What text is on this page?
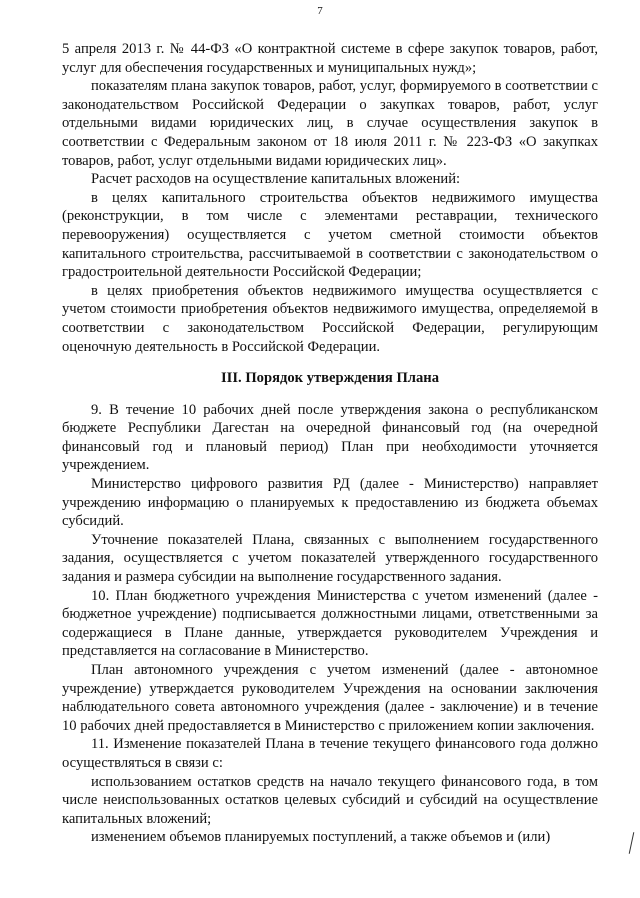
7

5 апреля 2013 г. № 44-ФЗ «О контрактной системе в сфере закупок товаров, работ, услуг для обеспечения государственных и муниципальных нужд»;

показателям плана закупок товаров, работ, услуг, формируемого в соответствии с законодательством Российской Федерации о закупках товаров, работ, услуг отдельными видами юридических лиц, в случае осуществления закупок в соответствии с Федеральным законом от 18 июля 2011 г. № 223-ФЗ «О закупках товаров, работ, услуг отдельными видами юридических лиц».

Расчет расходов на осуществление капитальных вложений:

в целях капитального строительства объектов недвижимого имущества (реконструкции, в том числе с элементами реставрации, технического перевооружения) осуществляется с учетом сметной стоимости объектов капитального строительства, рассчитываемой в соответствии с законодательством о градостроительной деятельности Российской Федерации;

в целях приобретения объектов недвижимого имущества осуществляется с учетом стоимости приобретения объектов недвижимого имущества, определяемой в соответствии с законодательством Российской Федерации, регулирующим оценочную деятельность в Российской Федерации.

III. Порядок утверждения Плана

9. В течение 10 рабочих дней после утверждения закона о республиканском бюджете Республики Дагестан на очередной финансовый год (на очередной финансовый год и плановый период) План при необходимости уточняется учреждением.

Министерство цифрового развития РД (далее - Министерство) направляет учреждению информацию о планируемых к предоставлению из бюджета объемах субсидий.

Уточнение показателей Плана, связанных с выполнением государственного задания, осуществляется с учетом показателей утвержденного государственного задания и размера субсидии на выполнение государственного задания.

10. План бюджетного учреждения Министерства с учетом изменений (далее - бюджетное учреждение) подписывается должностными лицами, ответственными за содержащиеся в Плане данные, утверждается руководителем Учреждения и представляется на согласование в Министерство.

План автономного учреждения с учетом изменений (далее - автономное учреждение) утверждается руководителем Учреждения на основании заключения наблюдательного совета автономного учреждения (далее - заключение) и в течение 10 рабочих дней предоставляется в Министерство с приложением копии заключения.

11. Изменение показателей Плана в течение текущего финансового года должно осуществляться в связи с:

использованием остатков средств на начало текущего финансового года, в том числе неиспользованных остатков целевых субсидий и субсидий на осуществление капитальных вложений;

изменением объемов планируемых поступлений, а также объемов и (или)
